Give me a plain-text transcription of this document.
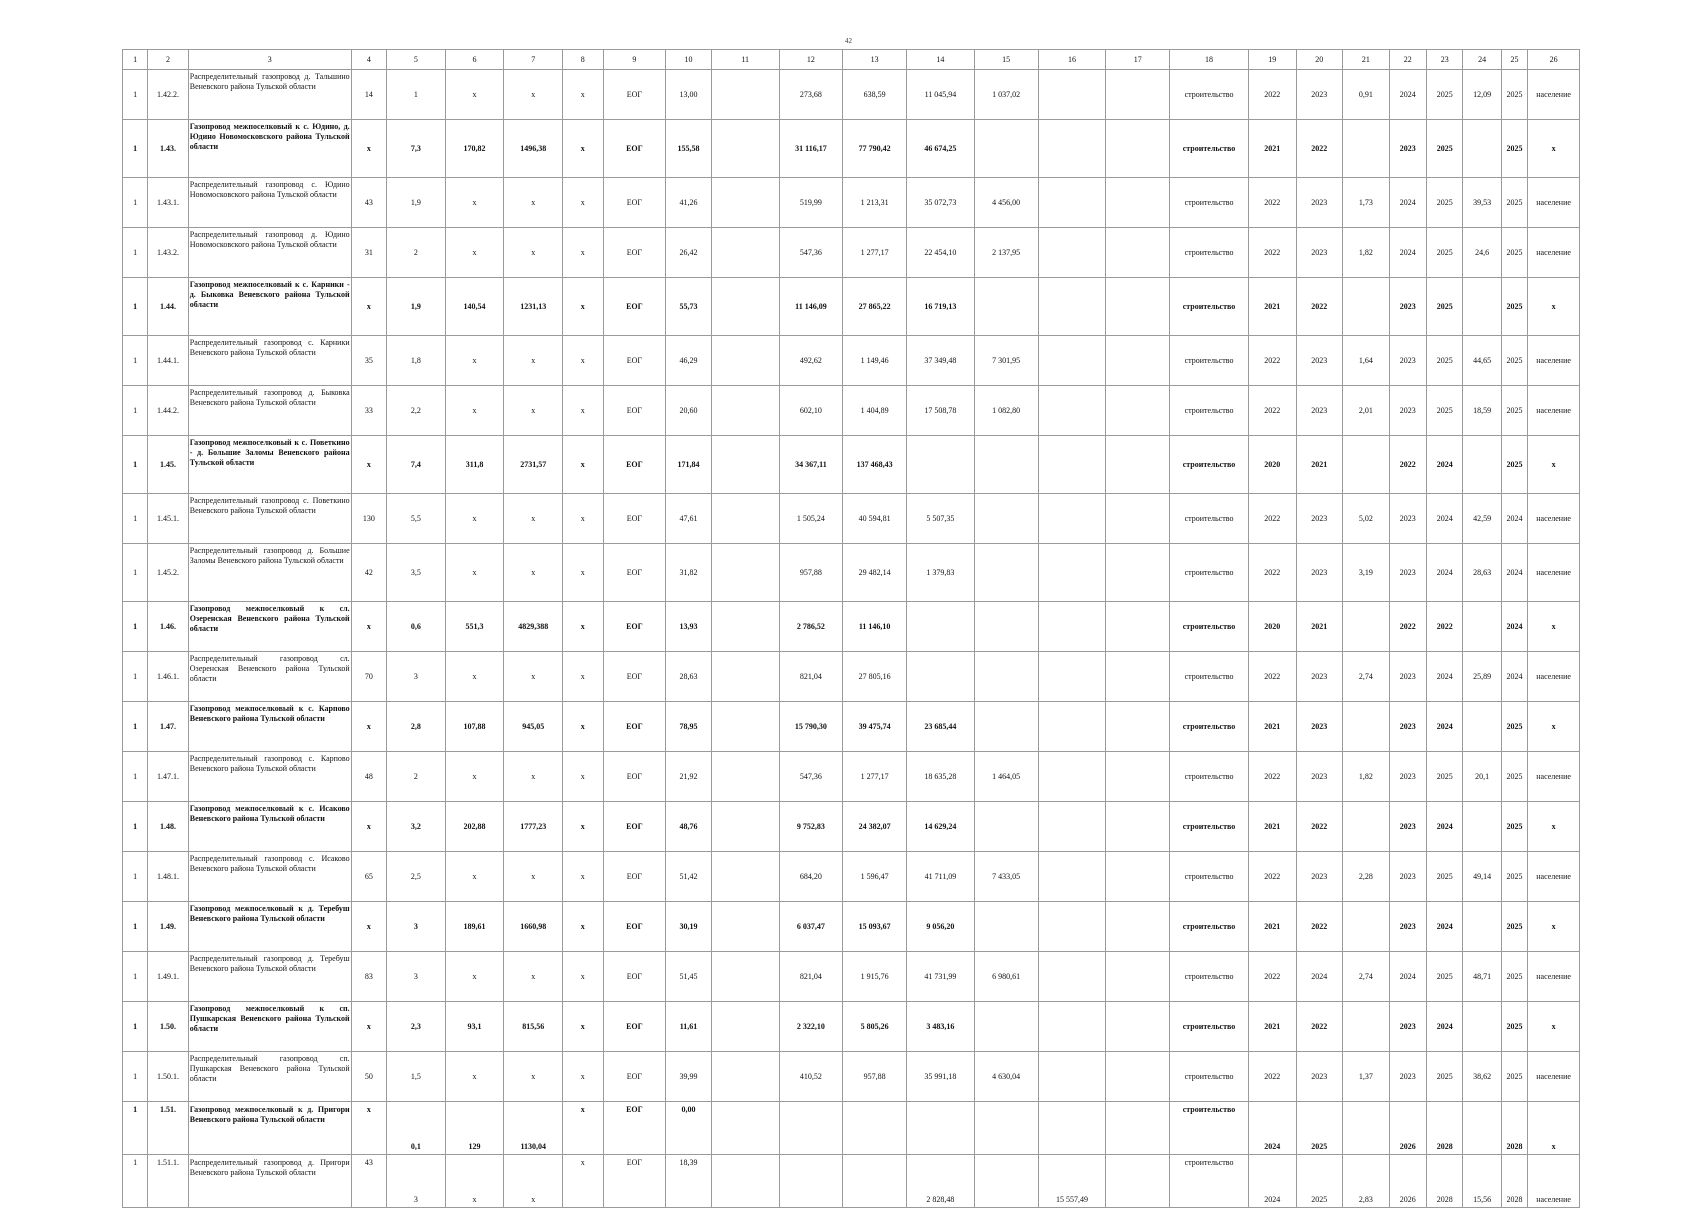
42
1	2	3	4	5	6	7	8	9	10	11	12	13	14	15	16	17	18	19	20	21	22	23	24	25	26
1	1.42.2.	Распределительный газопровод д. Тальшино Веневского района Тульской области	14	1	x	x	x	ЕОГ	13,00		273,68	638,59	11 045,94	1 037,02			строительство	2022	2023	0,91	2024	2025	12,09	2025	население
1	1.43.	Газопровод межпоселковый к с. Юдино, д. Юдино Новомосковского района Тульской области	x	7,3	170,82	1496,38	x	ЕОГ	155,58		31 116,17	77 790,42	46 674,25				строительство	2021	2022		2023	2025		2025	x
1	1.43.1.	Распределительный газопровод с. Юдино Новомосковского района Тульской области	43	1,9	x	x	x	ЕОГ	41,26		519,99	1 213,31	35 072,73	4 456,00			строительство	2022	2023	1,73	2024	2025	39,53	2025	население
1	1.43.2.	Распределительный газопровод д. Юдино Новомосковского района Тульской области	31	2	x	x	x	ЕОГ	26,42		547,36	1 277,17	22 454,10	2 137,95			строительство	2022	2023	1,82	2024	2025	24,6	2025	население
1	1.44.	Газопровод межпоселковый к с. Карники - д. Быковка Веневского района Тульской области	x	1,9	140,54	1231,13	x	ЕОГ	55,73		11 146,09	27 865,22	16 719,13				строительство	2021	2022		2023	2025		2025	x
1	1.44.1.	Распределительный газопровод с. Карники Веневского района Тульской области	35	1,8	x	x	x	ЕОГ	46,29		492,62	1 149,46	37 349,48	7 301,95			строительство	2022	2023	1,64	2023	2025	44,65	2025	население
1	1.44.2.	Распределительный газопровод д. Быковка Веневского района Тульской области	33	2,2	x	x	x	ЕОГ	20,60		602,10	1 404,89	17 508,78	1 082,80			строительство	2022	2023	2,01	2023	2025	18,59	2025	население
1	1.45.	Газопровод межпоселковый к с. Поветкино - д. Большие Заломы Веневского района Тульской области	x	7,4	311,8	2731,57	x	ЕОГ	171,84		34 367,11	137 468,43					строительство	2020	2021		2022	2024		2025	x
1	1.45.1.	Распределительный газопровод с. Поветкино Веневского района Тульской области	130	5,5	x	x	x	ЕОГ	47,61		1 505,24	40 594,81	5 507,35				строительство	2022	2023	5,02	2023	2024	42,59	2024	население
1	1.45.2.	Распределительный газопровод д. Большие Заломы Веневского района Тульской области	42	3,5	x	x	x	ЕОГ	31,82		957,88	29 482,14	1 379,83				строительство	2022	2023	3,19	2023	2024	28,63	2024	население
1	1.46.	Газопровод межпоселковый к сл. Озеренская Веневского района Тульской области	x	0,6	551,3	4829,388	x	ЕОГ	13,93		2 786,52	11 146,10					строительство	2020	2021		2022	2022		2024	x
1	1.46.1.	Распределительный газопровод сл. Озеренская Веневского района Тульской области	70	3	x	x	x	ЕОГ	28,63		821,04	27 805,16					строительство	2022	2023	2,74	2023	2024	25,89	2024	население
1	1.47.	Газопровод межпоселковый к с. Карпово Веневского района Тульской области	x	2,8	107,88	945,05	x	ЕОГ	78,95		15 790,30	39 475,74	23 685,44				строительство	2021	2023		2023	2024		2025	x
1	1.47.1.	Распределительный газопровод с. Карпово Веневского района Тульской области	48	2	x	x	x	ЕОГ	21,92		547,36	1 277,17	18 635,28	1 464,05			строительство	2022	2023	1,82	2023	2025	20,1	2025	население
1	1.48.	Газопровод межпоселковый к с. Исаково Веневского района Тульской области	x	3,2	202,88	1777,23	x	ЕОГ	48,76		9 752,83	24 382,07	14 629,24				строительство	2021	2022		2023	2024		2025	x
1	1.48.1.	Распределительный газопровод с. Исаково Веневского района Тульской области	65	2,5	x	x	x	ЕОГ	51,42		684,20	1 596,47	41 711,09	7 433,05			строительство	2022	2023	2,28	2023	2025	49,14	2025	население
1	1.49.	Газопровод межпоселковый к д. Теребуш Веневского района Тульской области	x	3	189,61	1660,98	x	ЕОГ	30,19		6 037,47	15 093,67	9 056,20				строительство	2021	2022		2023	2024		2025	x
1	1.49.1.	Распределительный газопровод д. Теребуш Веневского района Тульской области	83	3	x	x	x	ЕОГ	51,45		821,04	1 915,76	41 731,99	6 980,61			строительство	2022	2024	2,74	2024	2025	48,71	2025	население
1	1.50.	Газопровод межпоселковый к сп. Пушкарская Веневского района Тульской области	x	2,3	93,1	815,56	x	ЕОГ	11,61		2 322,10	5 805,26	3 483,16				строительство	2021	2022		2023	2024		2025	x
1	1.50.1.	Распределительный газопровод сп. Пушкарская Веневского района Тульской области	50	1,5	x	x	x	ЕОГ	39,99		410,52	957,88	35 991,18	4 630,04			строительство	2022	2023	1,37	2023	2025	38,62	2025	население
1	1.51.	Газопровод межпоселковый к д. Пригори Веневского района Тульской области	x	0,1	129	1130,04	x	ЕОГ	0,00								строительство	2024	2025		2026	2028		2028	x
1	1.51.1.	Распределительный газопровод д. Пригори Веневского района Тульской области	43	3	x	x	x	ЕОГ	18,39				2 828,48		15 557,49		строительство	2024	2025	2,83	2026	2028	15,56	2028	население
